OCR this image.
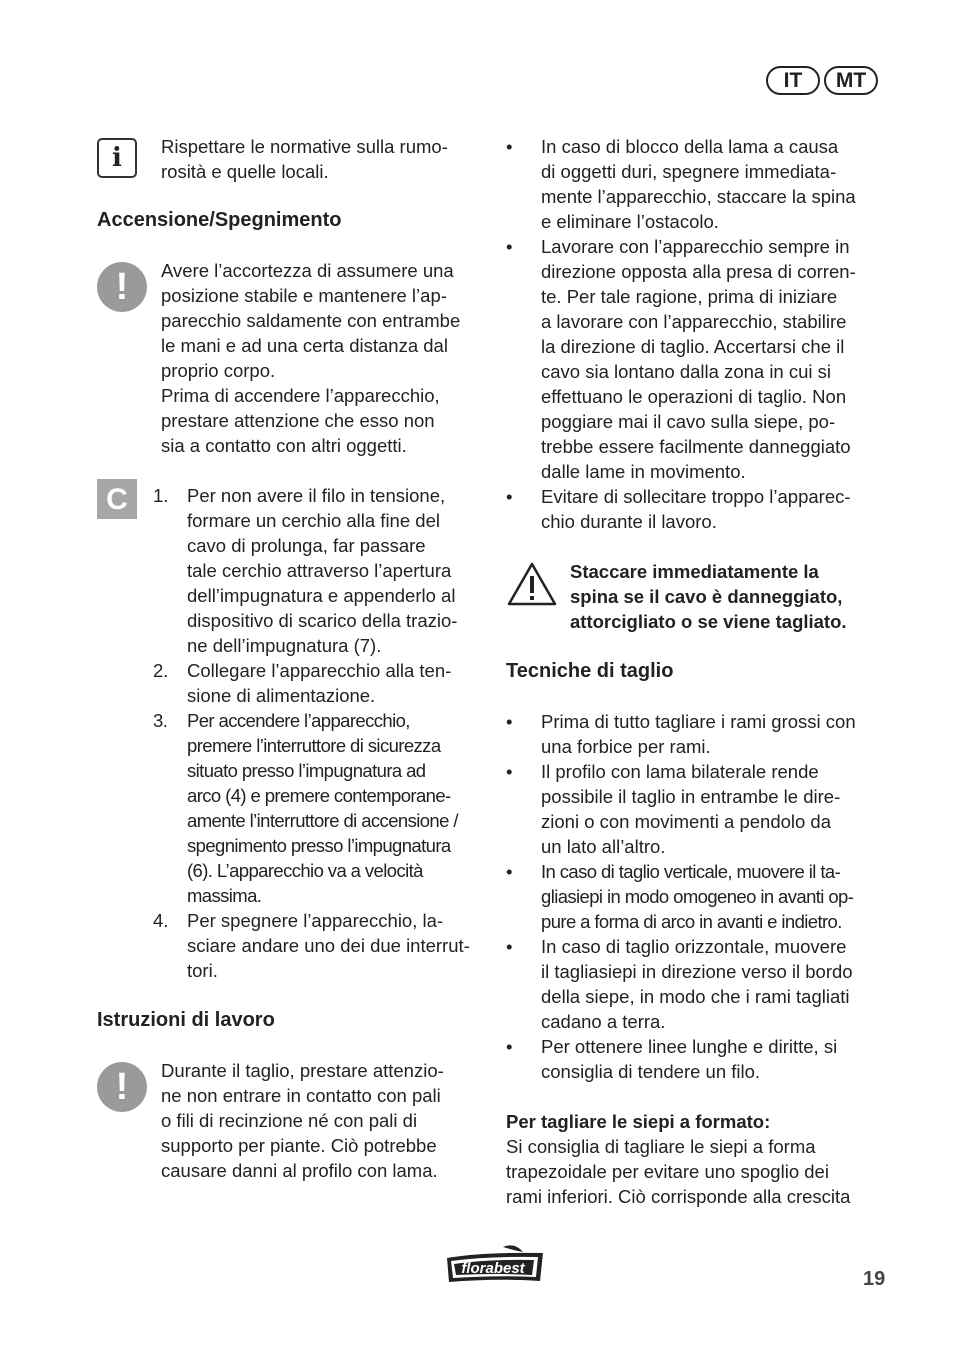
IT	MT
i	Rispettare le normative sulla rumo-
rosità e quelle locali.

Accensione/Spegnimento
!	Avere l’accortezza di assumere una
posizione stabile e mantenere l’ap-
parecchio saldamente con entrambe
le mani e ad una certa distanza dal
proprio corpo.
Prima di accendere l’apparecchio,
prestare attenzione che esso non
sia a contatto con altri oggetti.

C	1. Per non avere il filo in tensione,
formare un cerchio alla fine del
cavo di prolunga, far passare
tale cerchio attraverso l’apertura
dell’impugnatura e appenderlo al
dispositivo di scarico della trazio-
ne dell’impugnatura (7).

2. Collegare l’apparecchio alla ten-
sione di alimentazione.

3. Per accendere l’apparecchio,
premere l’interruttore di sicurezza
situato presso l’impugnatura ad
arco (4) e premere contemporane-
amente l’interruttore di accensione /
spegnimento presso l’impugnatura
(6). L’apparecchio va a velocità
massima.

4. Per spegnere l’apparecchio, la-
sciare andare uno dei due interrut-
tori.

Istruzioni di lavoro
!	Durante il taglio, prestare attenzio-
ne non entrare in contatto con pali
o fili di recinzione né con pali di
supporto per piante. Ciò potrebbe
causare danni al profilo con lama.

• In caso di blocco della lama a causa
di oggetti duri, spegnere immediata-
mente l’apparecchio, staccare la spina
e eliminare l’ostacolo.

• Lavorare con l’apparecchio sempre in
direzione opposta alla presa di corren-
te. Per tale ragione, prima di iniziare
a lavorare con l’apparecchio, stabilire
la direzione di taglio. Accertarsi che il
cavo sia lontano dalla zona in cui si
effettuano le operazioni di taglio. Non
poggiare mai il cavo sulla siepe, po-
trebbe essere facilmente danneggiato
dalle lame in movimento.

• Evitare di sollecitare troppo l’apparec-
chio durante il lavoro.

Staccare immediatamente la
spina se il cavo è danneggiato,
attorcigliato o se viene tagliato.

Tecniche di taglio
• Prima di tutto tagliare i rami grossi con
una forbice per rami.

• Il profilo con lama bilaterale rende
possibile il taglio in entrambe le dire-
zioni o con movimenti a pendolo da
un lato all’altro.

• In caso di taglio verticale, muovere il ta-
gliasiepi in modo omogeneo in avanti op-
pure a forma di arco in avanti e indietro.

• In caso di taglio orizzontale, muovere
il tagliasiepi in direzione verso il bordo
della siepe, in modo che i rami tagliati
cadano a terra.

• Per ottenere linee lunghe e diritte, si
consiglia di tendere un filo.

Per tagliare le siepi a formato:

Si consiglia di tagliare le siepi a forma
trapezoidale per evitare uno spoglio dei
rami inferiori. Ciò corrisponde alla crescita

florabest	19
